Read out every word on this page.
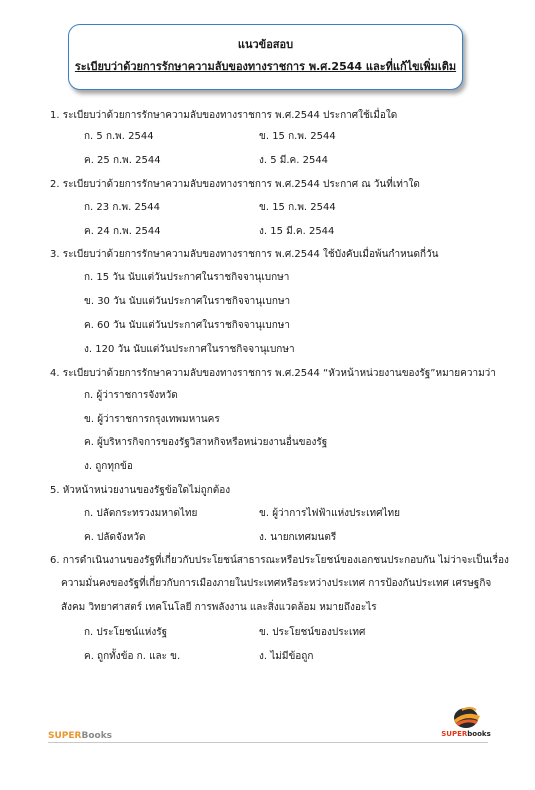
แนวข้อสอบ
ระเบียบว่าด้วยการรักษาความลับของทางราชการ พ.ศ.2544 และที่แก้ไขเพิ่มเติม
1. ระเบียบว่าด้วยการรักษาความลับของทางราชการ พ.ศ.2544 ประกาศใช้เมื่อใด
ก. 5 ก.พ. 2544	ข. 15 ก.พ. 2544
ค. 25 ก.พ. 2544	ง. 5 มี.ค. 2544
2. ระเบียบว่าด้วยการรักษาความลับของทางราชการ พ.ศ.2544 ประกาศ ณ วันที่เท่าใด
ก. 23 ก.พ. 2544	ข. 15 ก.พ. 2544
ค. 24 ก.พ. 2544	ง. 15 มี.ค. 2544
3. ระเบียบว่าด้วยการรักษาความลับของทางราชการ พ.ศ.2544 ใช้บังคับเมื่อพ้นกำหนดกี่วัน
ก. 15 วัน นับแต่วันประกาศในราชกิจจานุเบกษา
ข. 30 วัน นับแต่วันประกาศในราชกิจจานุเบกษา
ค. 60 วัน นับแต่วันประกาศในราชกิจจานุเบกษา
ง. 120 วัน นับแต่วันประกาศในราชกิจจานุเบกษา
4. ระเบียบว่าด้วยการรักษาความลับของทางราชการ พ.ศ.2544 “หัวหน้าหน่วยงานของรัฐ”หมายความว่า
ก. ผู้ว่าราชการจังหวัด
ข. ผู้ว่าราชการกรุงเทพมหานคร
ค. ผู้บริหารกิจการของรัฐวิสาหกิจหรือหน่วยงานอื่นของรัฐ
ง. ถูกทุกข้อ
5. หัวหน้าหน่วยงานของรัฐข้อใดไม่ถูกต้อง
ก. ปลัดกระทรวงมหาดไทย	ข. ผู้ว่าการไฟฟ้าแห่งประเทศไทย
ค. ปลัดจังหวัด	ง. นายกเทศมนตรี
6. การดำเนินงานของรัฐที่เกี่ยวกับประโยชน์สาธารณะหรือประโยชน์ของเอกชนประกอบกัน ไม่ว่าจะเป็นเรื่อง
ความมั่นคงของรัฐที่เกี่ยวกับการเมืองภายในประเทศหรือระหว่างประเทศ การป้องกันประเทศ เศรษฐกิจ
สังคม วิทยาศาสตร์ เทคโนโลยี การพลังงาน และสิ่งแวดล้อม หมายถึงอะไร
ก. ประโยชน์แห่งรัฐ	ข. ประโยชน์ของประเทศ
ค. ถูกทั้งข้อ ก. และ ข.	ง. ไม่มีข้อถูก
SUPERBooks	SUPERbooks
